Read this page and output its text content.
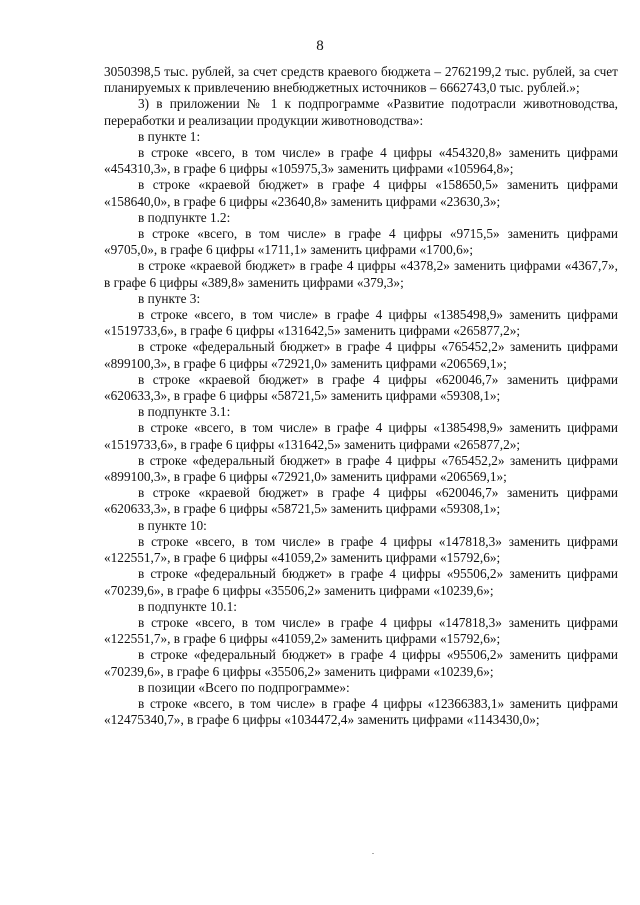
8

3050398,5 тыс. рублей, за счет средств краевого бюджета – 2762199,2 тыс. рублей, за счет планируемых к привлечению внебюджетных источников – 6662743,0 тыс. рублей.»;

3) в приложении № 1 к подпрограмме «Развитие подотрасли животноводства, переработки и реализации продукции животноводства»:

в пункте 1:

в строке «всего, в том числе» в графе 4 цифры «454320,8» заменить цифрами «454310,3», в графе 6 цифры «105975,3» заменить цифрами «105964,8»;

в строке «краевой бюджет» в графе 4 цифры «158650,5» заменить цифрами «158640,0», в графе 6 цифры «23640,8» заменить цифрами «23630,3»;

в подпункте 1.2:

в строке «всего, в том числе» в графе 4 цифры «9715,5» заменить цифрами «9705,0», в графе 6 цифры «1711,1» заменить цифрами «1700,6»;

в строке «краевой бюджет» в графе 4 цифры «4378,2» заменить цифрами «4367,7», в графе 6 цифры «389,8» заменить цифрами «379,3»;

в пункте 3:

в строке «всего, в том числе» в графе 4 цифры «1385498,9» заменить цифрами «1519733,6», в графе 6 цифры «131642,5» заменить цифрами «265877,2»;

в строке «федеральный бюджет» в графе 4 цифры «765452,2» заменить цифрами «899100,3», в графе 6 цифры «72921,0» заменить цифрами «206569,1»;

в строке «краевой бюджет» в графе 4 цифры «620046,7» заменить цифрами «620633,3», в графе 6 цифры «58721,5» заменить цифрами «59308,1»;

в подпункте 3.1:

в строке «всего, в том числе» в графе 4 цифры «1385498,9» заменить цифрами «1519733,6», в графе 6 цифры «131642,5» заменить цифрами «265877,2»;

в строке «федеральный бюджет» в графе 4 цифры «765452,2» заменить цифрами «899100,3», в графе 6 цифры «72921,0» заменить цифрами «206569,1»;

в строке «краевой бюджет» в графе 4 цифры «620046,7» заменить цифрами «620633,3», в графе 6 цифры «58721,5» заменить цифрами «59308,1»;

в пункте 10:

в строке «всего, в том числе» в графе 4 цифры «147818,3» заменить цифрами «122551,7», в графе 6 цифры «41059,2» заменить цифрами «15792,6»;

в строке «федеральный бюджет» в графе 4 цифры «95506,2» заменить цифрами «70239,6», в графе 6 цифры «35506,2» заменить цифрами «10239,6»;

в подпункте 10.1:

в строке «всего, в том числе» в графе 4 цифры «147818,3» заменить цифрами «122551,7», в графе 6 цифры «41059,2» заменить цифрами «15792,6»;

в строке «федеральный бюджет» в графе 4 цифры «95506,2» заменить цифрами «70239,6», в графе 6 цифры «35506,2» заменить цифрами «10239,6»;

в позиции «Всего по подпрограмме»:

в строке «всего, в том числе» в графе 4 цифры «12366383,1» заменить цифрами «12475340,7», в графе 6 цифры «1034472,4» заменить цифрами «1143430,0»;
